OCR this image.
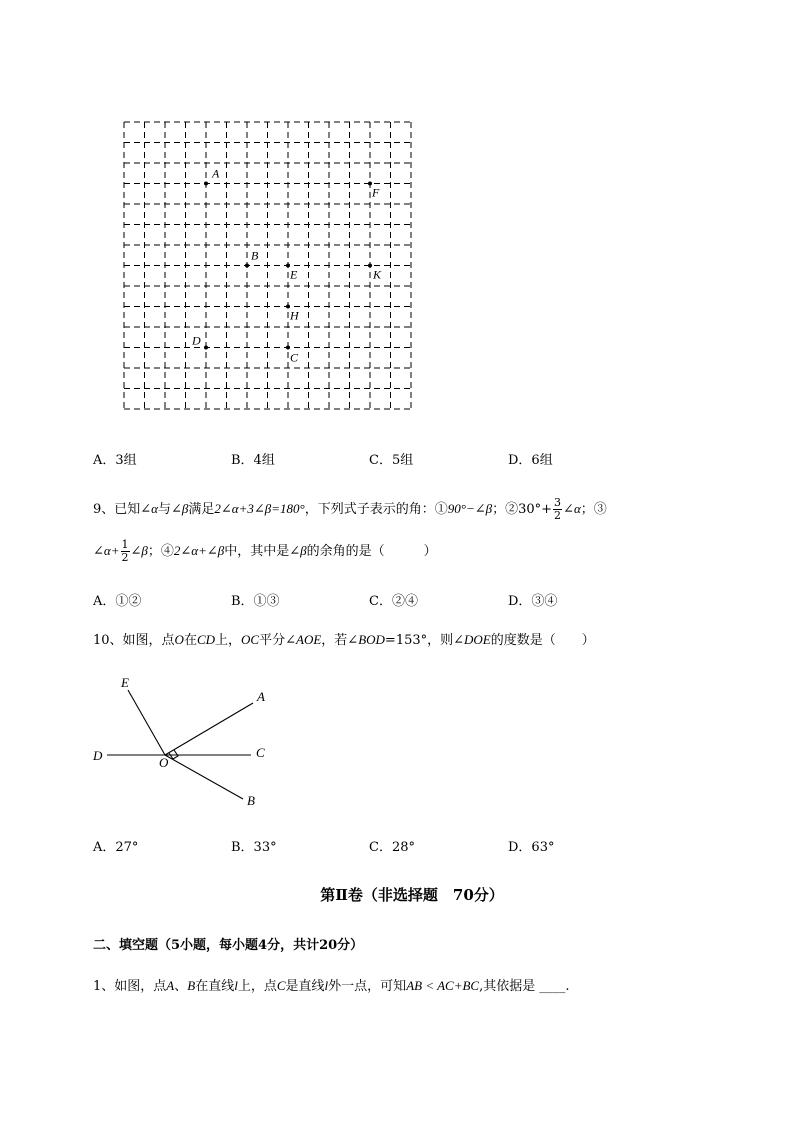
A
F
B
E	K
H
D
C
A．3组	B．4组	C．5组	D．6组
9、已知∠α与∠β满足2∠α+3∠β=180°，下列式子表示的角：①90°−∠β；②30°+ $\frac{3}{2}$ ∠α；③
∠α+ $\frac{1}{2}$ ∠β；④2∠α+∠β中，其中是∠β的余角的是（　　　）
A．①②	B．①③	C．②④	D．③④
10、如图，点O在CD上，OC平分∠AOE，若∠BOD=153°，则∠DOE的度数是（　　）
E
A
D	C
O
B
A．27°	B．33°	C．28°	D．63°
第Ⅱ卷（非选择题　70分）
二、填空题（5小题，每小题4分，共计20分）
1、如图，点A、B在直线l上，点C是直线l外一点，可知AB < AC+BC,其依据是 ____.
